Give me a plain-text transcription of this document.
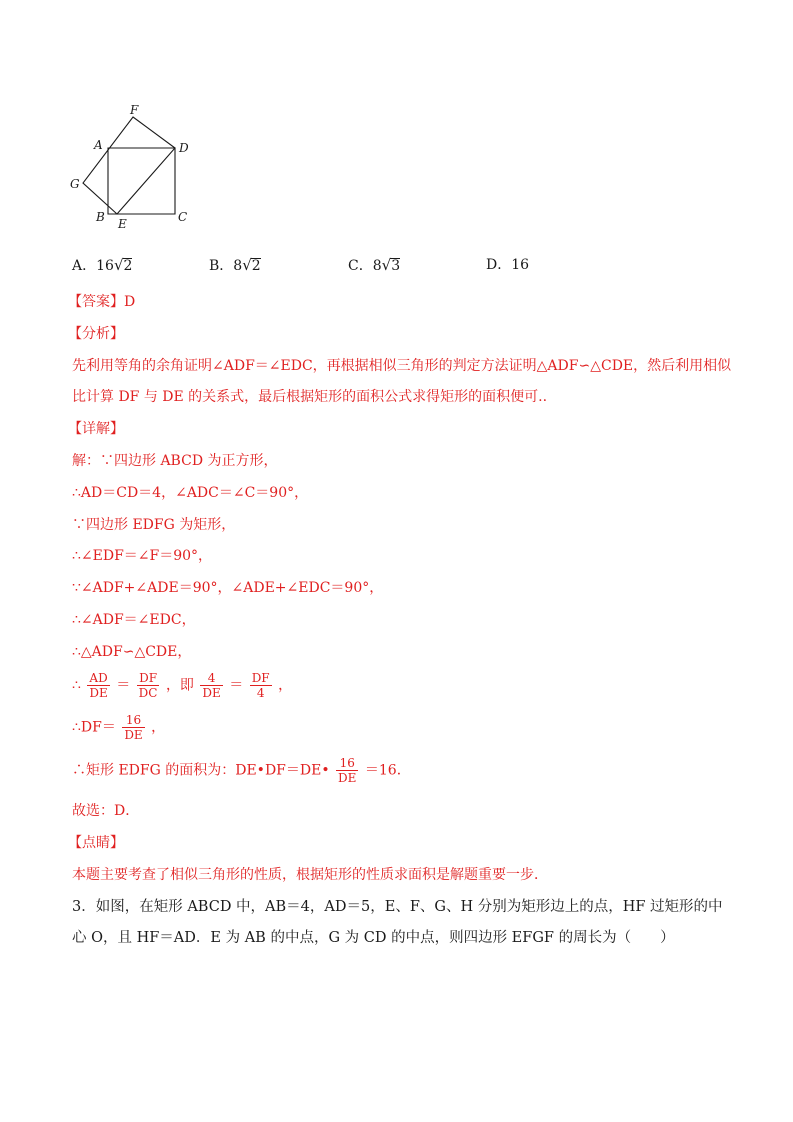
F
A	D
G
B E	C
A．16√2	B．8√2	C．8√3	D．16
【答案】D
【分析】
先利用等角的余角证明∠ADF＝∠EDC，再根据相似三角形的判定方法证明△ADF∽△CDE，然后利用相似
比计算 DF 与 DE 的关系式，最后根据矩形的面积公式求得矩形的面积便可..
【详解】
解：∵四边形 ABCD 为正方形，
∴AD＝CD＝4，∠ADC＝∠C＝90°，
∵四边形 EDFG 为矩形，
∴∠EDF＝∠F＝90°，
∵∠ADF+∠ADE＝90°，∠ADE+∠EDC＝90°，
∴∠ADF＝∠EDC，
∴△ADF∽△CDE，
∴ $\frac{AD}{DE} = \frac{DF}{DC}$ ，即 $\frac{4}{DE} = \frac{DF}{4}$ ，
∴DF＝ $\frac{16}{DE}$ ，
∴矩形 EDFG 的面积为：DE•DF＝DE• $\frac{16}{DE} =16$．
故选：D．
【点睛】
本题主要考查了相似三角形的性质，根据矩形的性质求面积是解题重要一步．
3．如图，在矩形 ABCD 中，AB＝4，AD＝5，E、F、G、H 分别为矩形边上的点，HF 过矩形的中
心 O，且 HF＝AD．E 为 AB 的中点，G 为 CD 的中点，则四边形 EFGF 的周长为（　　）
